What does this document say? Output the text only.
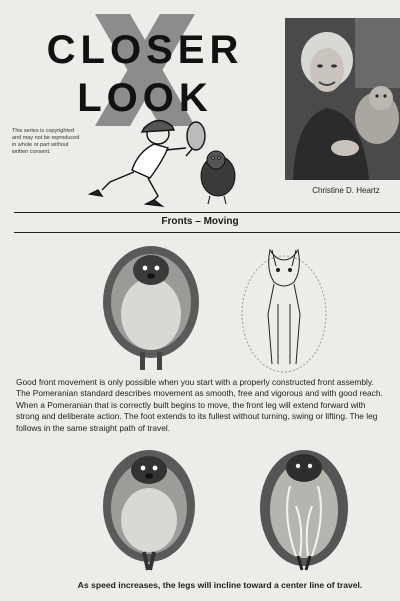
CLOSER
LOOK
This series is copyrighted
and may not be reproduced
in whole or part without
written consent.
Christine D. Heartz
Fronts – Moving
Good front movement is only possible when you start with a properly constructed front assembly.
The Pomeranian standard describes movement as smooth, free and vigorous and with good reach.
When a Pomeranian that is correctly built begins to move, the front leg will extend forward with
strong and deliberate action. The foot extends to its fullest without turning, swing or lifting. The leg
follows in the same straight path of travel.
As speed increases, the legs will incline toward a center line of travel.
